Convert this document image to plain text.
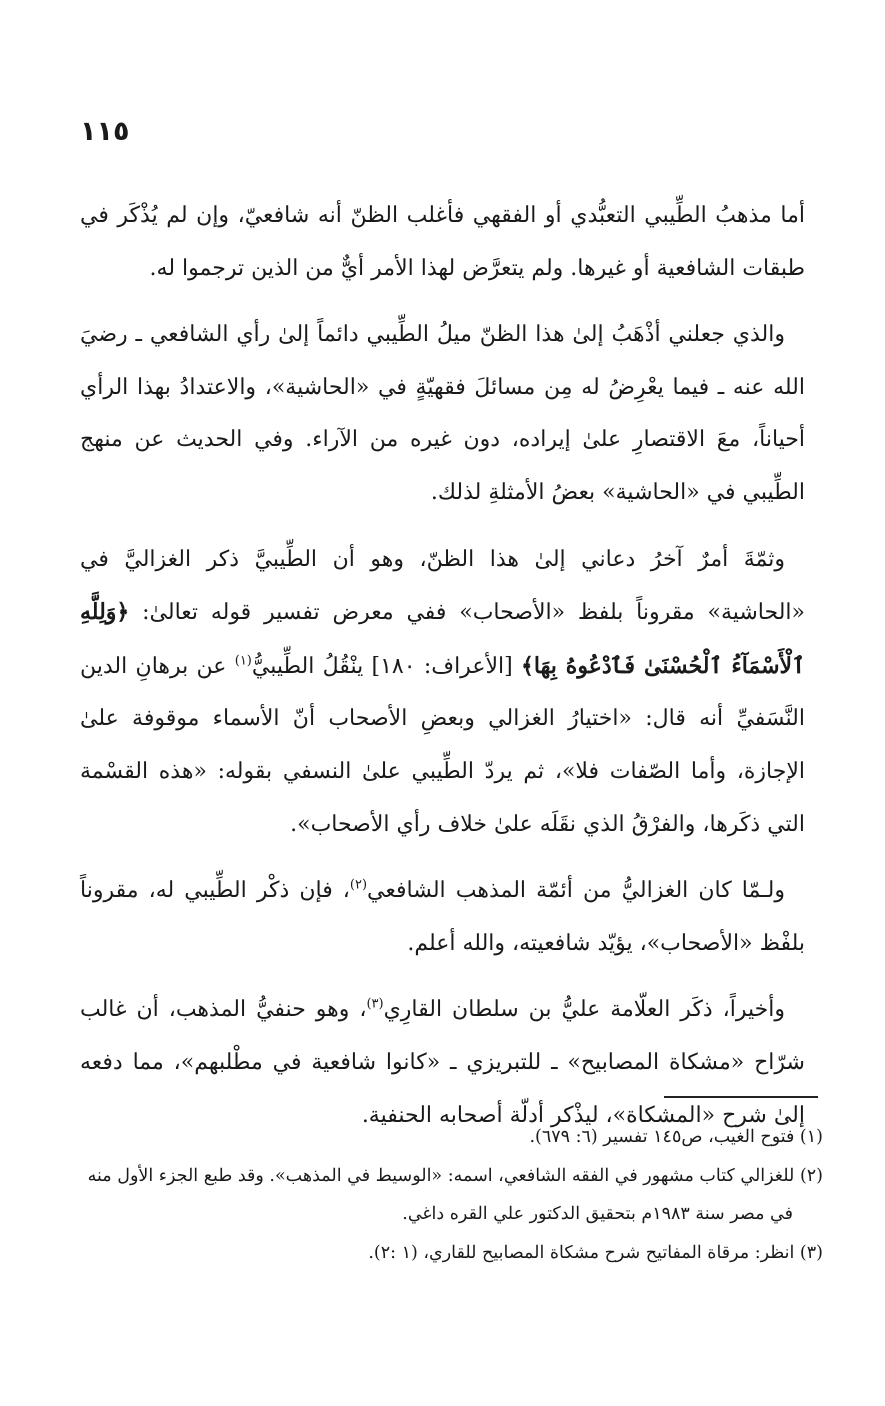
١١٥

أما مذهبُ الطِّيبي التعبُّدي أو الفقهي فأغلب الظنّ أنه شافعيّ، وإن لم يُذْكَر في طبقات الشافعية أو غيرها. ولم يتعرَّض لهذا الأمر أيٌّ من الذين ترجموا له.

والذي جعلني أذْهَبُ إلىٰ هذا الظنّ ميلُ الطِّيبي دائماً إلىٰ رأي الشافعي ـ رضيَ الله عنه ـ فيما يعْرِضُ له مِن مسائلَ فقهيّةٍ في «الحاشية»، والاعتدادُ بهذا الرأي أحياناً، معَ الاقتصارِ علىٰ إيراده، دون غيره من الآراء. وفي الحديث عن منهج الطِّيبي في «الحاشية» بعضُ الأمثلةِ لذلك.

وثمّةَ أمرٌ آخرُ دعاني إلىٰ هذا الظنّ، وهو أن الطِّيبيَّ ذكر الغزاليَّ في «الحاشية» مقروناً بلفظ «الأصحاب» ففي معرض تفسير قوله تعالىٰ: ﴿وَلِلَّهِ ٱلْأَسْمَآءُ ٱلْحُسْنَىٰ فَٱدْعُوهُ بِهَا﴾ [الأعراف: ١٨٠] ينْقُلُ الطِّيبيُّ$^{(١)}$ عن برهانِ الدين النَّسَفيِّ أنه قال: «اختيارُ الغزالي وبعضِ الأصحاب أنّ الأسماء موقوفة علىٰ الإجازة، وأما الصّفات فلا»، ثم يردّ الطِّيبي علىٰ النسفي بقوله: «هذه القسْمة التي ذكَرها، والفرْقُ الذي نقَلَه علىٰ خلاف رأي الأصحاب».

ولـمّا كان الغزاليُّ من أئمّة المذهب الشافعي$^{(٢)}$، فإن ذكْر الطِّيبي له، مقروناً بلفْظ «الأصحاب»، يؤيّد شافعيته، والله أعلم.

وأخيراً، ذكَر العلّامة عليُّ بن سلطان القارِي$^{(٣)}$، وهو حنفيُّ المذهب، أن غالب شرّاح «مشكاة المصابيح» ـ للتبريزي ـ «كانوا شافعية في مطْلبهم»، مما دفعه إلىٰ شرح «المشكاة»، ليذْكر أدلّة أصحابه الحنفية.

(١) فتوح الغيب، ص١٤٥ تفسير (٦: ٦٧٩).

(٢) للغزالي كتاب مشهور في الفقه الشافعي، اسمه: «الوسيط في المذهب». وقد طبع الجزء الأول منه

في مصر سنة ١٩٨٣م بتحقيق الدكتور علي القره داغي.

(٣) انظر: مرقاة المفاتيح شرح مشكاة المصابيح للقاري، (١ :٢).
